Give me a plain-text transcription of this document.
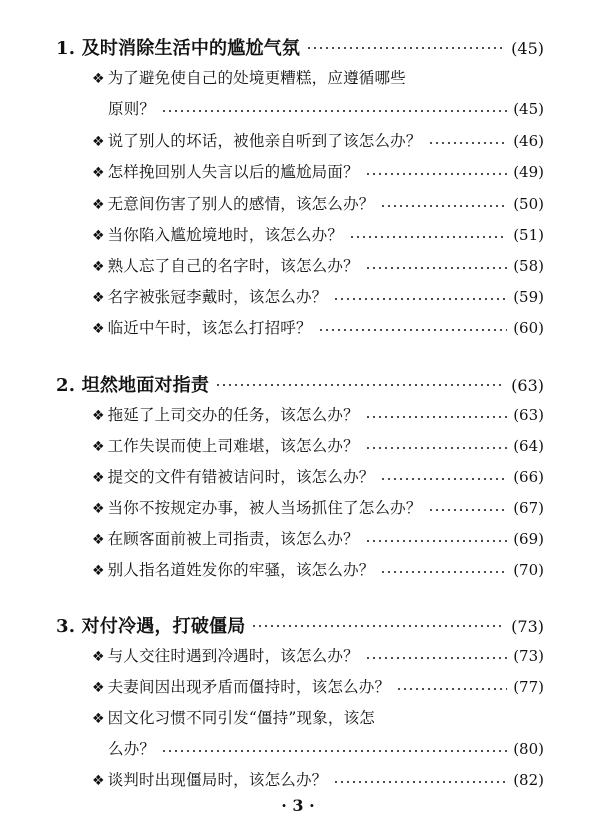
1. 及时消除生活中的尴尬气氛	(45)
❖ 为了避免使自己的处境更糟糕，应遵循哪些
原则？	(45)
❖ 说了别人的坏话，被他亲自听到了该怎么办？	(46)
❖ 怎样挽回别人失言以后的尴尬局面？	(49)
❖ 无意间伤害了别人的感情，该怎么办？	(50)
❖ 当你陷入尴尬境地时，该怎么办？	(51)
❖ 熟人忘了自己的名字时，该怎么办？	(58)
❖ 名字被张冠李戴时，该怎么办？	(59)
❖ 临近中午时，该怎么打招呼？	(60)
2. 坦然地面对指责	(63)
❖ 拖延了上司交办的任务，该怎么办？	(63)
❖ 工作失误而使上司难堪，该怎么办？	(64)
❖ 提交的文件有错被诘问时，该怎么办？	(66)
❖ 当你不按规定办事，被人当场抓住了怎么办？	(67)
❖ 在顾客面前被上司指责，该怎么办？	(69)
❖ 别人指名道姓发你的牢骚，该怎么办？	(70)
3. 对付冷遇，打破僵局	(73)
❖ 与人交往时遇到冷遇时，该怎么办？	(73)
❖ 夫妻间因出现矛盾而僵持时，该怎么办？	(77)
❖ 因文化习惯不同引发“僵持”现象，该怎
么办？	(80)
❖ 谈判时出现僵局时，该怎么办？	(82)
· 3 ·
